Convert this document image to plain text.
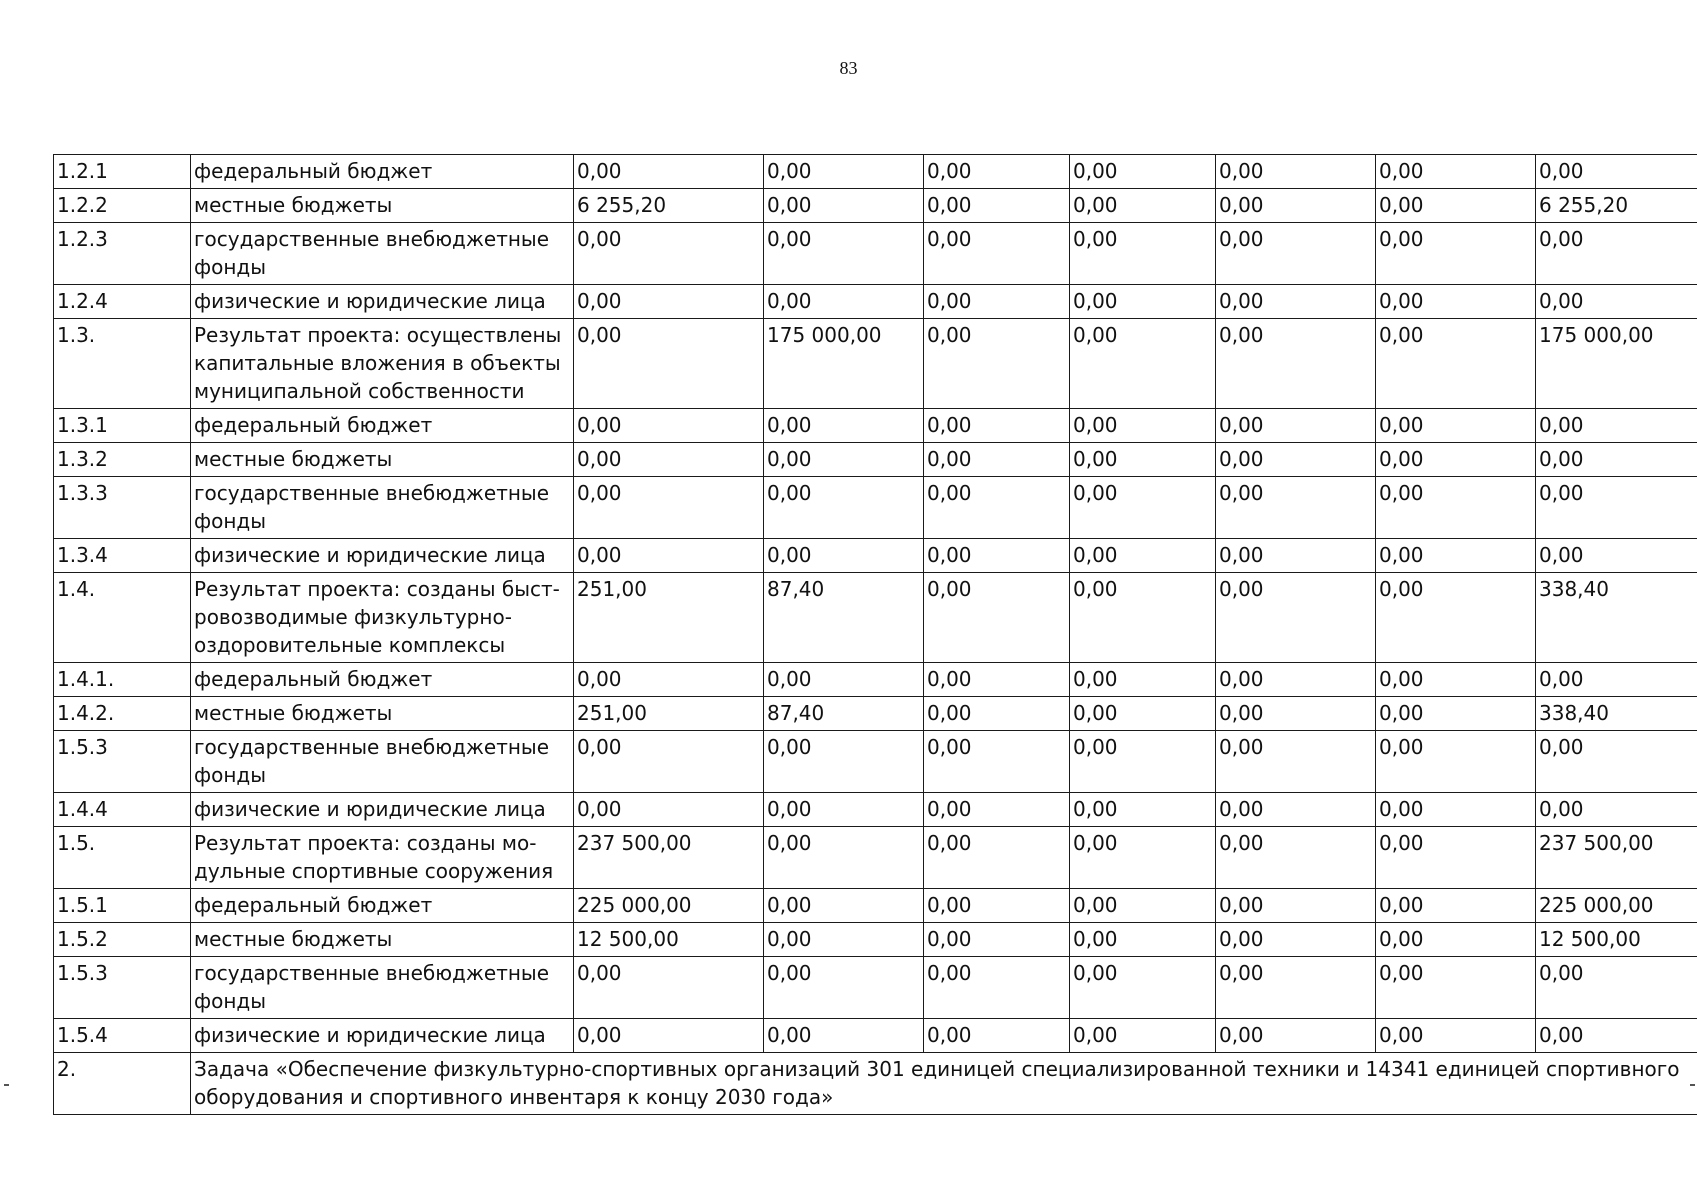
83
1.2.1	федеральный бюджет	0,00	0,00	0,00	0,00	0,00	0,00	0,00
1.2.2	местные бюджеты	6 255,20	0,00	0,00	0,00	0,00	0,00	6 255,20
1.2.3	государственные внебюджетные фонды	0,00	0,00	0,00	0,00	0,00	0,00	0,00
1.2.4	физические и юридические лица	0,00	0,00	0,00	0,00	0,00	0,00	0,00
1.3.	Результат проекта: осуществлены капитальные вложения в объекты муниципальной собственности	0,00	175 000,00	0,00	0,00	0,00	0,00	175 000,00
1.3.1	федеральный бюджет	0,00	0,00	0,00	0,00	0,00	0,00	0,00
1.3.2	местные бюджеты	0,00	0,00	0,00	0,00	0,00	0,00	0,00
1.3.3	государственные внебюджетные фонды	0,00	0,00	0,00	0,00	0,00	0,00	0,00
1.3.4	физические и юридические лица	0,00	0,00	0,00	0,00	0,00	0,00	0,00
1.4.	Результат проекта: созданы быст-ровозводимые физкультурно-оздоровительные комплексы	251,00	87,40	0,00	0,00	0,00	0,00	338,40
1.4.1.	федеральный бюджет	0,00	0,00	0,00	0,00	0,00	0,00	0,00
1.4.2.	местные бюджеты	251,00	87,40	0,00	0,00	0,00	0,00	338,40
1.5.3	государственные внебюджетные фонды	0,00	0,00	0,00	0,00	0,00	0,00	0,00
1.4.4	физические и юридические лица	0,00	0,00	0,00	0,00	0,00	0,00	0,00
1.5.	Результат проекта: созданы мо-дульные спортивные сооружения	237 500,00	0,00	0,00	0,00	0,00	0,00	237 500,00
1.5.1	федеральный бюджет	225 000,00	0,00	0,00	0,00	0,00	0,00	225 000,00
1.5.2	местные бюджеты	12 500,00	0,00	0,00	0,00	0,00	0,00	12 500,00
1.5.3	государственные внебюджетные фонды	0,00	0,00	0,00	0,00	0,00	0,00	0,00
1.5.4	физические и юридические лица	0,00	0,00	0,00	0,00	0,00	0,00	0,00
2.	Задача «Обеспечение физкультурно-спортивных организаций 301 единицей специализированной техники и 14341 единицей спортивного оборудования и спортивного инвентаря к концу 2030 года»							
